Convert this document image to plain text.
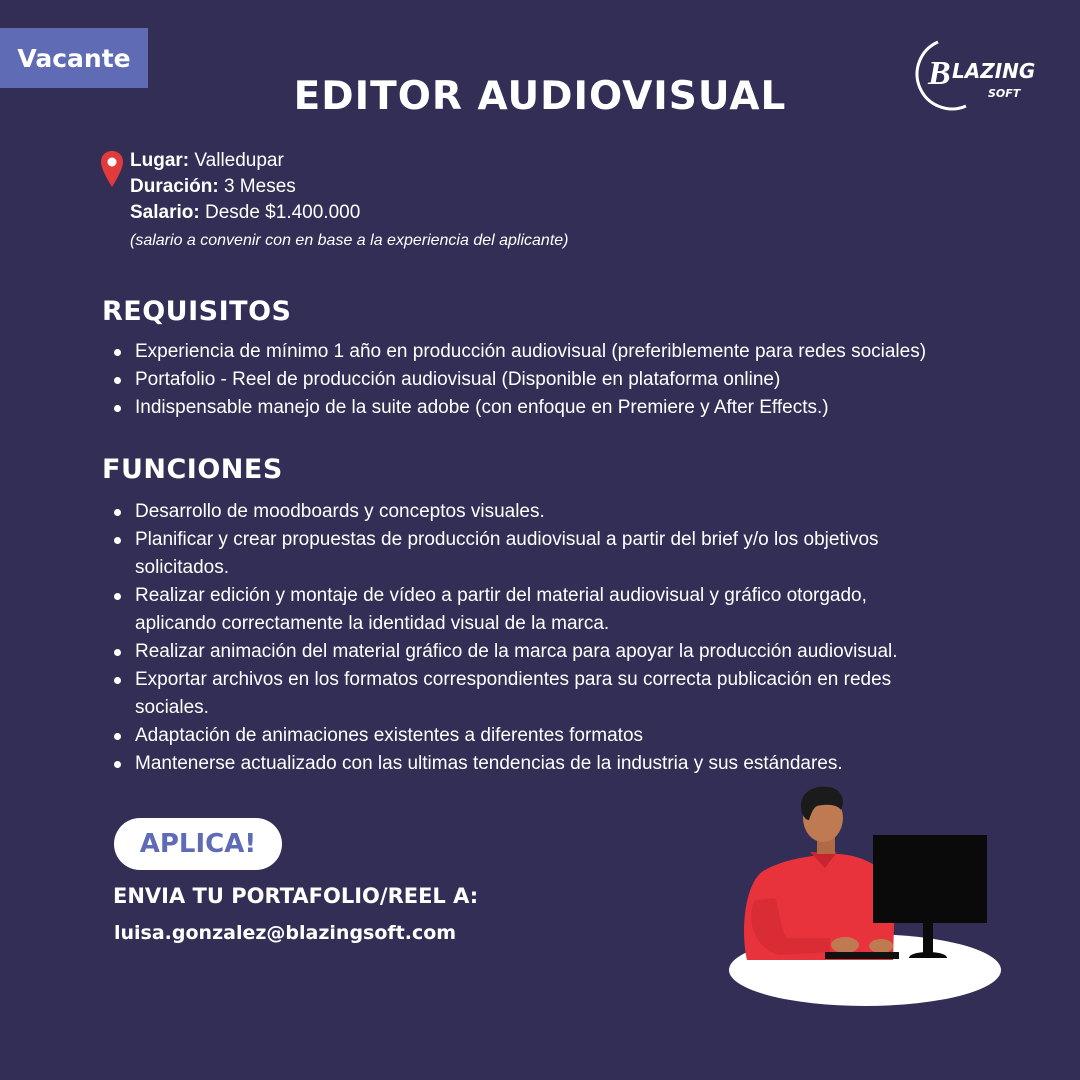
Vacante	B LAZING
SOFT
EDITOR AUDIOVISUAL
Lugar: Valledupar
Duración: 3 Meses
Salario: Desde $1.400.000
(salario a convenir con en base a la experiencia del aplicante)
REQUISITOS
Experiencia de mínimo 1 año en producción audiovisual (preferiblemente para redes sociales)
Portafolio - Reel de producción audiovisual (Disponible en plataforma online)
Indispensable manejo de la suite adobe (con enfoque en Premiere y After Effects.)
FUNCIONES
Desarrollo de moodboards y conceptos visuales.
Planificar y crear propuestas de producción audiovisual a partir del brief y/o los objetivos solicitados.
Realizar edición y montaje de vídeo a partir del material audiovisual y gráfico otorgado, aplicando correctamente la identidad visual de la marca.
Realizar animación del material gráfico de la marca para apoyar la producción audiovisual.
Exportar archivos en los formatos correspondientes para su correcta publicación en redes sociales.
Adaptación de animaciones existentes a diferentes formatos
Mantenerse actualizado con las ultimas tendencias de la industria y sus estándares.
APLICA!
ENVIA TU PORTAFOLIO/REEL A:
luisa.gonzalez@blazingsoft.com
